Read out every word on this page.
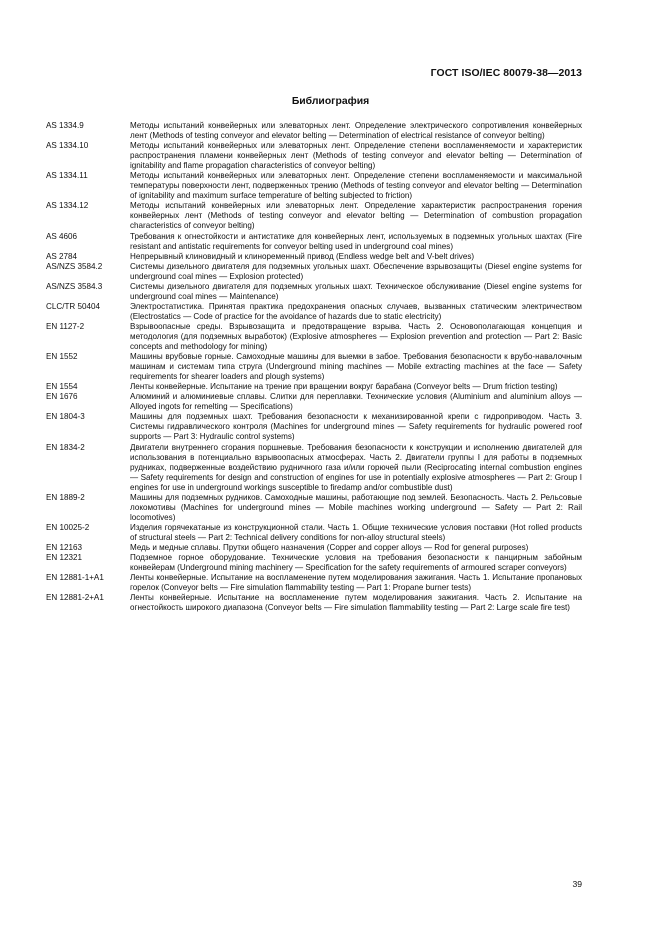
ГОСТ ISO/IEC 80079-38—2013
Библиография
AS 1334.9	Методы испытаний конвейерных или элеваторных лент. Определение электрического сопротивления конвейерных лент (Methods of testing conveyor and elevator belting — Determination of electrical resistance of conveyor belting)
AS 1334.10	Методы испытаний конвейерных или элеваторных лент. Определение степени воспламеняемости и характеристик распространения пламени конвейерных лент (Methods of testing conveyor and elevator belting — Determination of ignitability and flame propagation characteristics of conveyor belting)
AS 1334.11	Методы испытаний конвейерных или элеваторных лент. Определение степени воспламеняемости и максимальной температуры поверхности лент, подверженных трению (Methods of testing conveyor and elevator belting — Determination of ignitability and maximum surface temperature of belting subjected to friction)
AS 1334.12	Методы испытаний конвейерных или элеваторных лент. Определение характеристик распространения горения конвейерных лент (Methods of testing conveyor and elevator belting — Determination of combustion propagation characteristics of conveyor belting)
AS 4606	Требования к огнестойкости и антистатике для конвейерных лент, используемых в подземных угольных шахтах (Fire resistant and antistatic requirements for conveyor belting used in underground coal mines)
AS 2784	Непрерывный клиновидный и клиноременный привод (Endless wedge belt and V-belt drives)
AS/NZS 3584.2	Системы дизельного двигателя для подземных угольных шахт. Обеспечение взрывозащиты (Diesel engine systems for underground coal mines — Explosion protected)
AS/NZS 3584.3	Системы дизельного двигателя для подземных угольных шахт. Техническое обслуживание (Diesel engine systems for underground coal mines — Maintenance)
CLC/TR 50404	Электростатистика. Принятая практика предохранения опасных случаев, вызванных статическим электричеством (Electrostatics — Code of practice for the avoidance of hazards due to static electricity)
EN 1127-2	Взрывоопасные среды. Взрывозащита и предотвращение взрыва. Часть 2. Основополагающая концепция и методология (для подземных выработок) (Explosive atmospheres — Explosion prevention and protection — Part 2: Basic concepts and methodology for mining)
EN 1552	Машины врубовые горные. Самоходные машины для выемки в забое. Требования безопасности к врубо-навалочным машинам и системам типа струга (Underground mining machines — Mobile extracting machines at the face — Safety requirements for shearer loaders and plough systems)
EN 1554	Ленты конвейерные. Испытание на трение при вращении вокруг барабана (Conveyor belts — Drum friction testing)
EN 1676	Алюминий и алюминиевые сплавы. Слитки для переплавки. Технические условия (Aluminium and aluminium alloys — Alloyed ingots for remelting — Specifications)
EN 1804-3	Машины для подземных шахт. Требования безопасности к механизированной крепи с гидроприводом. Часть 3. Системы гидравлического контроля (Machines for underground mines — Safety requirements for hydraulic powered roof supports — Part 3: Hydraulic control systems)
EN 1834-2	Двигатели внутреннего сгорания поршневые. Требования безопасности к конструкции и исполнению двигателей для использования в потенциально взрывоопасных атмосферах. Часть 2. Двигатели группы I для работы в подземных рудниках, подверженные воздействию рудничного газа и/или горючей пыли (Reciprocating internal combustion engines — Safety requirements for design and construction of engines for use in potentially explosive atmospheres — Part 2: Group I engines for use in underground workings susceptible to firedamp and/or combustible dust)
EN 1889-2	Машины для подземных рудников. Самоходные машины, работающие под землей. Безопасность. Часть 2. Рельсовые локомотивы (Machines for underground mines — Mobile machines working underground — Safety — Part 2: Rail locomotives)
EN 10025-2	Изделия горячекатаные из конструкционной стали. Часть 1. Общие технические условия поставки (Hot rolled products of structural steels — Part 2: Technical delivery conditions for non-alloy structural steels)
EN 12163	Медь и медные сплавы. Прутки общего назначения (Copper and copper alloys — Rod for general purposes)
EN 12321	Подземное горное оборудование. Технические условия на требования безопасности к панцирным забойным конвейерам (Underground mining machinery — Specification for the safety requirements of armoured scraper conveyors)
EN 12881-1+A1	Ленты конвейерные. Испытание на воспламенение путем моделирования зажигания. Часть 1. Испытание пропановых горелок (Conveyor belts — Fire simulation flammability testing — Part 1: Propane burner tests)
EN 12881-2+A1	Ленты конвейерные. Испытание на воспламенение путем моделирования зажигания. Часть 2. Испытание на огнестойкость широкого диапазона (Conveyor belts — Fire simulation flammability testing — Part 2: Large scale fire test)
39
